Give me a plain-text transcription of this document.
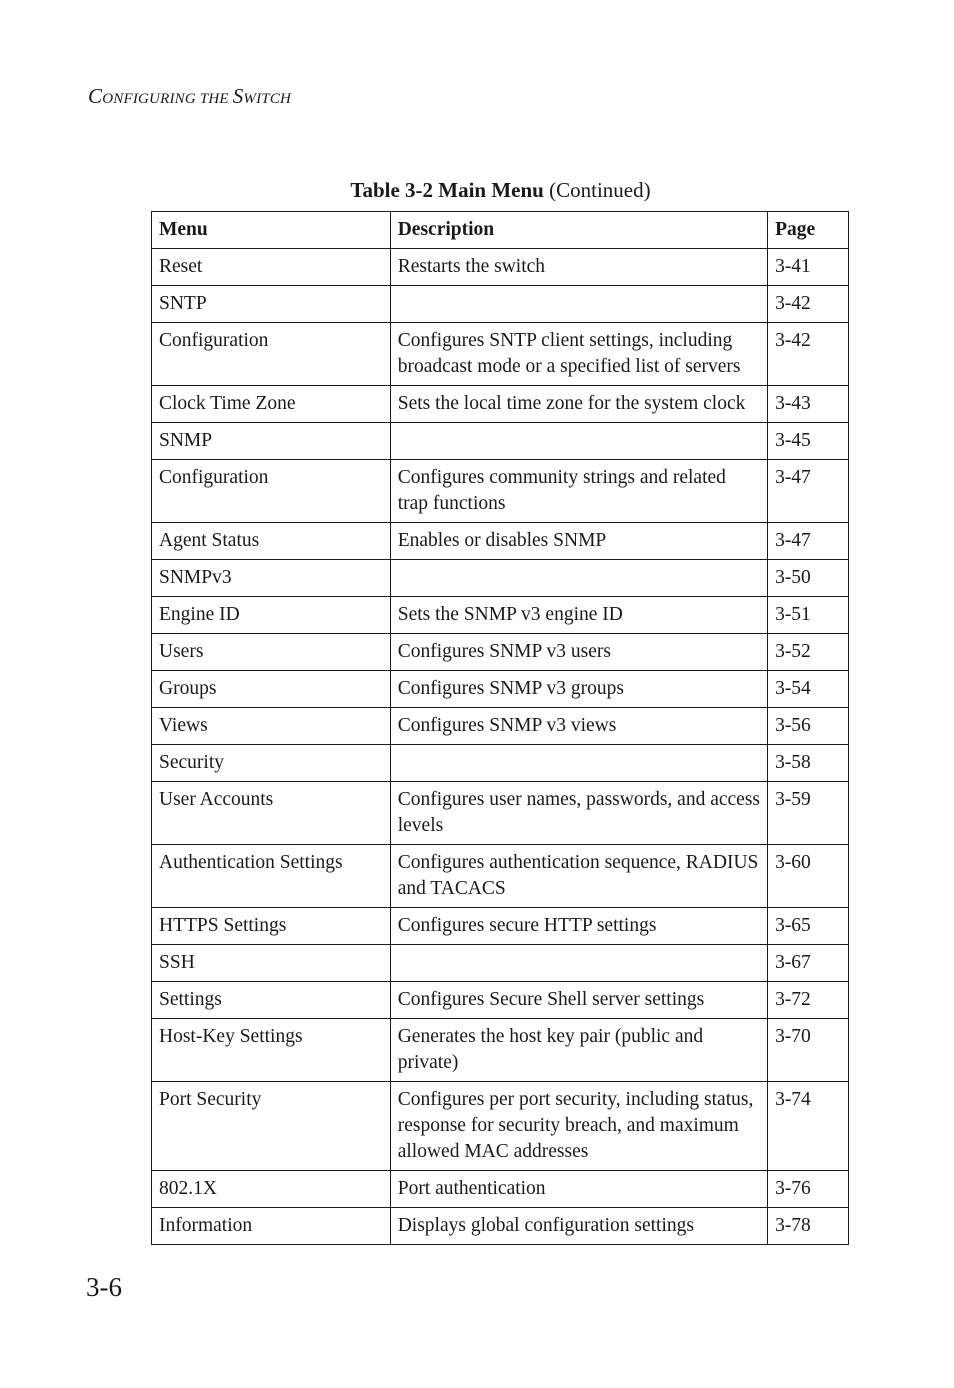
CONFIGURING THE SWITCH
Table 3-2 Main Menu (Continued)
Menu	Description	Page
Reset	Restarts the switch	3-41
SNTP		3-42
Configuration	Configures SNTP client settings, including broadcast mode or a specified list of servers	3-42
Clock Time Zone	Sets the local time zone for the system clock	3-43
SNMP		3-45
Configuration	Configures community strings and related trap functions	3-47
Agent Status	Enables or disables SNMP	3-47
SNMPv3		3-50
Engine ID	Sets the SNMP v3 engine ID	3-51
Users	Configures SNMP v3 users	3-52
Groups	Configures SNMP v3 groups	3-54
Views	Configures SNMP v3 views	3-56
Security		3-58
User Accounts	Configures user names, passwords, and access levels	3-59
Authentication Settings	Configures authentication sequence, RADIUS and TACACS	3-60
HTTPS Settings	Configures secure HTTP settings	3-65
SSH		3-67
Settings	Configures Secure Shell server settings	3-72
Host-Key Settings	Generates the host key pair (public and private)	3-70
Port Security	Configures per port security, including status, response for security breach, and maximum allowed MAC addresses	3-74
802.1X	Port authentication	3-76
Information	Displays global configuration settings	3-78
3-6
